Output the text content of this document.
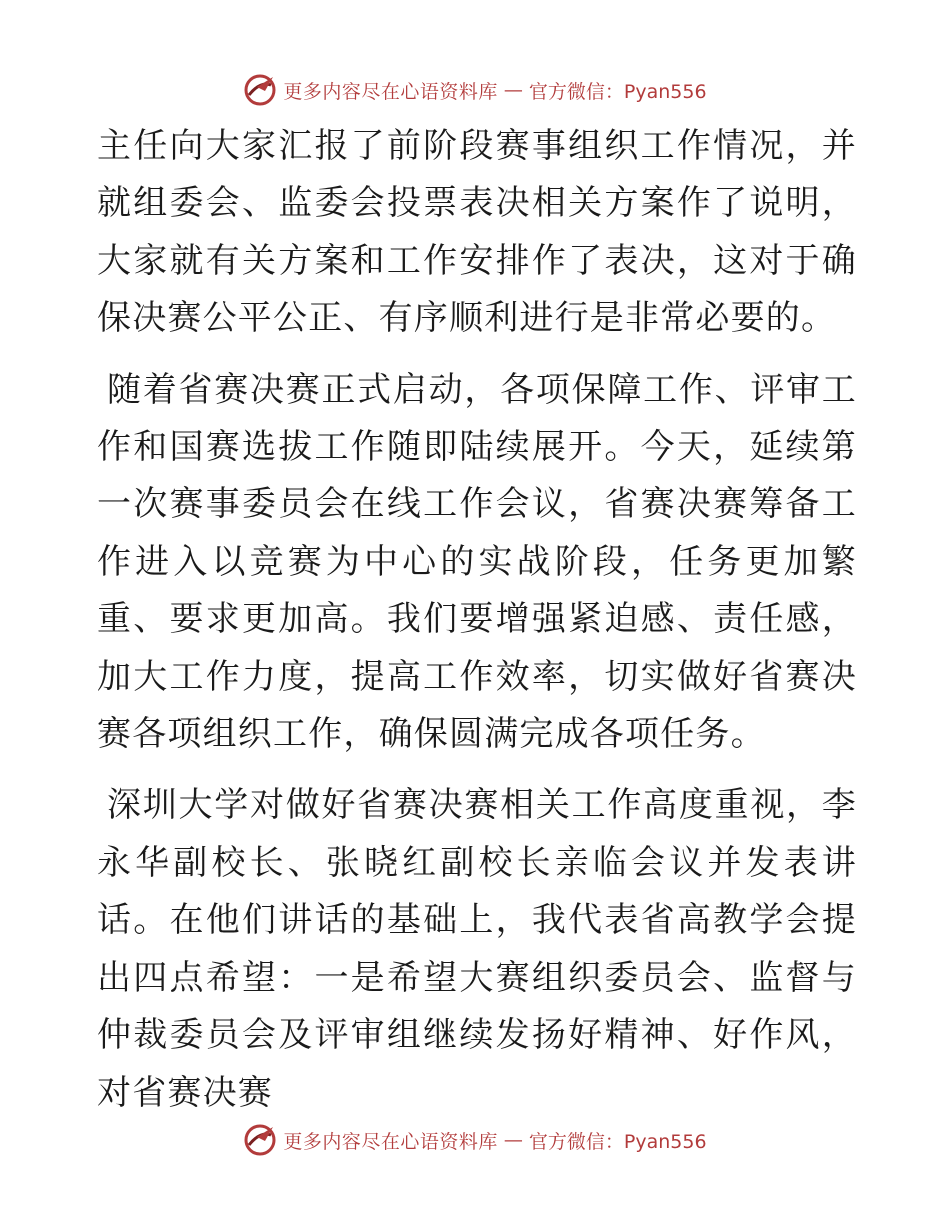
更多内容尽在心语资料库 — 官方微信：Pyan556

主任向大家汇报了前阶段赛事组织工作情况，并就组委会、监委会投票表决相关方案作了说明，大家就有关方案和工作安排作了表决，这对于确保决赛公平公正、有序顺利进行是非常必要的。

随着省赛决赛正式启动，各项保障工作、评审工作和国赛选拔工作随即陆续展开。今天，延续第一次赛事委员会在线工作会议，省赛决赛筹备工作进入以竞赛为中心的实战阶段，任务更加繁重、要求更加高。我们要增强紧迫感、责任感，加大工作力度，提高工作效率，切实做好省赛决赛各项组织工作，确保圆满完成各项任务。

深圳大学对做好省赛决赛相关工作高度重视，李永华副校长、张晓红副校长亲临会议并发表讲话。在他们讲话的基础上，我代表省高教学会提出四点希望：一是希望大赛组织委员会、监督与仲裁委员会及评审组继续发扬好精神、好作风，对省赛决赛

更多内容尽在心语资料库 — 官方微信：Pyan556
